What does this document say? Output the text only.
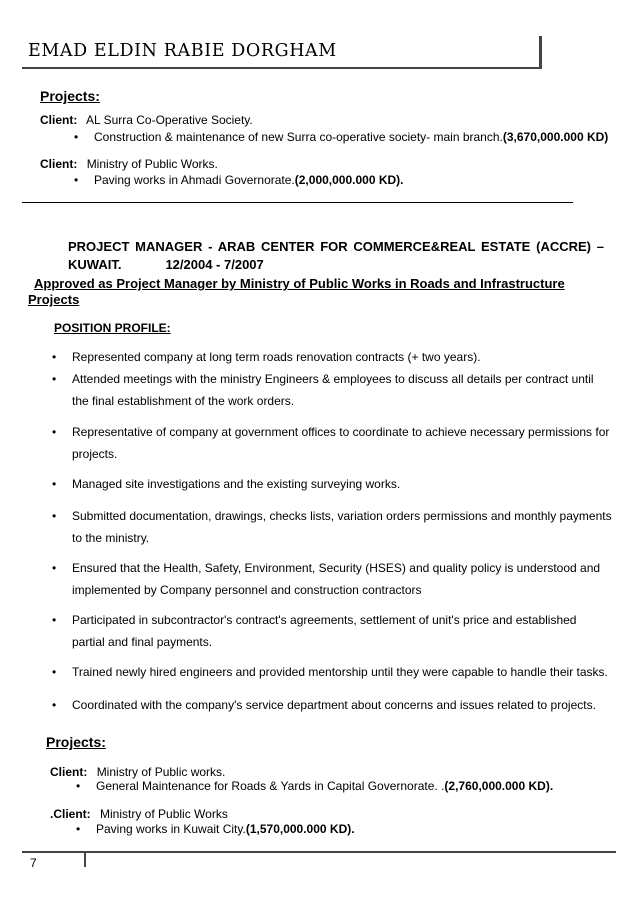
EMAD ELDIN RABIE DORGHAM
Projects:
Client: AL Surra Co-Operative Society.
• Construction & maintenance of new Surra co-operative society- main branch.(3,670,000.000 KD)
Client: Ministry of Public Works.
• Paving works in Ahmadi Governorate.(2,000,000.000 KD).
PROJECT MANAGER - ARAB CENTER FOR COMMERCE&REAL ESTATE (ACCRE) – KUWAIT.	12/2004 - 7/2007
Approved as Project Manager by Ministry of Public Works in Roads and Infrastructure
Projects
POSITION PROFILE:
• Represented company at long term roads renovation contracts (+ two years).
• Attended meetings with the ministry Engineers & employees to discuss all details per contract until the final establishment of the work orders.
• Representative of company at government offices to coordinate to achieve necessary permissions for projects.
• Managed site investigations and the existing surveying works.
• Submitted documentation, drawings, checks lists, variation orders permissions and monthly payments to the ministry.
• Ensured that the Health, Safety, Environment, Security (HSES) and quality policy is understood and implemented by Company personnel and construction contractors
• Participated in subcontractor's contract's agreements, settlement of unit's price and established partial and final payments.
• Trained newly hired engineers and provided mentorship until they were capable to handle their tasks.
• Coordinated with the company's service department about concerns and issues related to projects.
Projects:
Client: Ministry of Public works.
• General Maintenance for Roads & Yards in Capital Governorate. .(2,760,000.000 KD).
.Client: Ministry of Public Works
• Paving works in Kuwait City.(1,570,000.000 KD).
7
